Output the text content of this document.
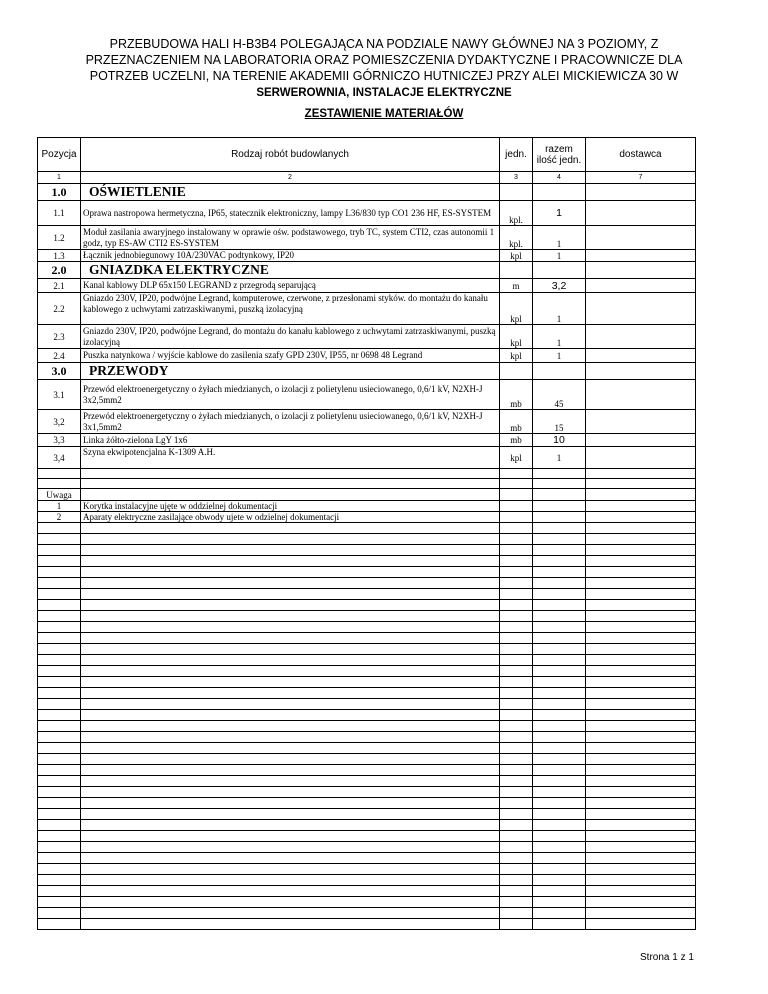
PRZEBUDOWA HALI H-B3B4 POLEGAJĄCA NA PODZIALE NAWY GŁÓWNEJ NA 3 POZIOMY, Z
PRZEZNACZENIEM NA LABORATORIA ORAZ POMIESZCZENIA DYDAKTYCZNE I PRACOWNICZE DLA
POTRZEB UCZELNI, NA TERENIE AKADEMII GÓRNICZO HUTNICZEJ PRZY ALEI MICKIEWICZA 30 W
SERWEROWNIA, INSTALACJE ELEKTRYCZNE
ZESTAWIENIE MATERIAŁÓW
Pozycja	Rodzaj robót budowlanych	jedn.	razem ilość jedn.	dostawca
1	2	3	4	7
1.0	OŚWIETLENIE			
1.1	Oprawa nastropowa hermetyczna, IP65, statecznik elektroniczny, lampy L36/830 typ CO1 236 HF, ES-SYSTEM	kpl.	1	
1.2	Moduł zasilania awaryjnego instalowany w oprawie ośw. podstawowego, tryb TC, system CTI2, czas autonomii 1 godz, typ ES-AW CTI2 ES-SYSTEM	kpl.	1	
1.3	Łącznik jednobiegunowy 10A/230VAC podtynkowy, IP20	kpl	1	
2.0	GNIAZDKA ELEKTRYCZNE			
2.1	Kanal kablowy DLP 65x150 LEGRAND z przegrodą separującą	m	3,2	
2.2	Gniazdo 230V, IP20, podwójne Legrand, komputerowe, czerwone, z przesłonami styków. do montażu do kanału kablowego z uchwytami zatrzaskiwanymi, puszką izolacyjną	kpl	1	
2.3	Gniazdo 230V, IP20, podwójne Legrand, do montażu do kanału kablowego z uchwytami zatrzaskiwanymi, puszką izolacyjną	kpl	1	
2.4	Puszka natynkowa / wyjście kablowe do zasilenia szafy GPD 230V, IP55, nr 0698 48 Legrand	kpl	1	
3.0	PRZEWODY			
3.1	Przewód elektroenergetyczny o żyłach miedzianych, o izolacji z polietylenu usieciowanego, 0,6/1 kV, N2XH-J 3x2,5mm2	mb	45	
3,2	Przewód elektroenergetyczny o żyłach miedzianych, o izolacji z polietylenu usieciowanego, 0,6/1 kV, N2XH-J 3x1,5mm2	mb	15	
3,3	Linka żółto-zielona LgY 1x6	mb	10	
3,4	Szyna ekwipotencjalna K-1309 A.H.	kpl	1	

Uwaga				
1	Korytka instalacyjne ujęte w oddzielnej dokumentacji			
2	Aparaty elektryczne zasilające obwody ujete w odzielnej dokumentacji			

Strona 1 z 1
